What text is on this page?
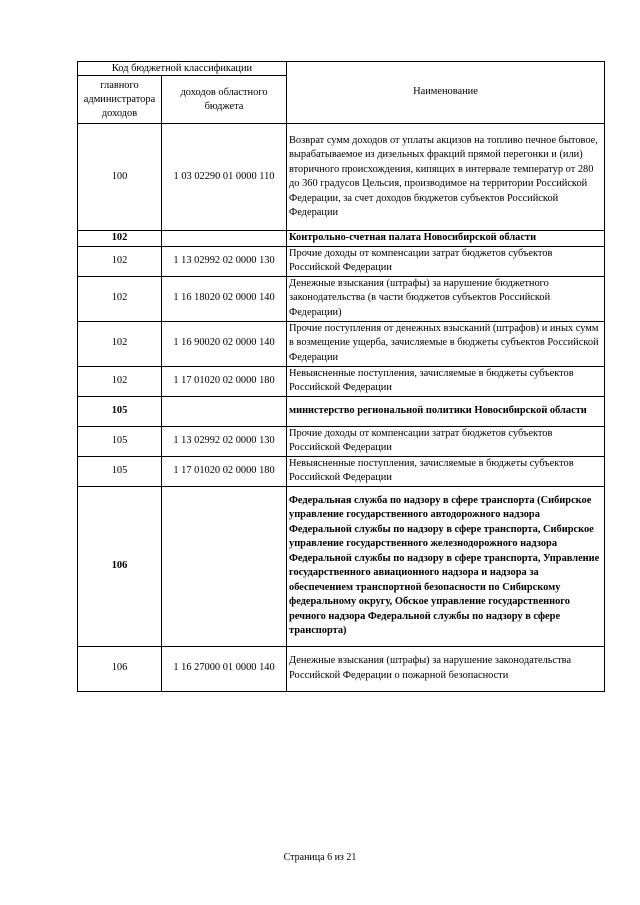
Код бюджетной классификации		Наименование
главного администратора доходов	доходов областного бюджета	
100	1 03 02290 01 0000 110	Возврат сумм доходов от уплаты акцизов на топливо печное бытовое, вырабатываемое из дизельных фракций прямой перегонки и (или) вторичного происхождения, кипящих в интервале температур от 280 до 360 градусов Цельсия, производимое на территории Российской Федерации, за счет доходов бюджетов субъектов Российской Федерации
102		Контрольно-счетная палата Новосибирской области
102	1 13 02992 02 0000 130	Прочие доходы от компенсации затрат бюджетов субъектов Российской Федерации
102	1 16 18020 02 0000 140	Денежные взыскания (штрафы) за нарушение бюджетного законодательства (в части бюджетов субъектов Российской Федерации)
102	1 16 90020 02 0000 140	Прочие поступления от денежных взысканий (штрафов) и иных сумм в возмещение ущерба, зачисляемые в бюджеты субъектов Российской Федерации
102	1 17 01020 02 0000 180	Невыясненные поступления, зачисляемые в бюджеты субъектов Российской Федерации
105		министерство региональной политики Новосибирской области
105	1 13 02992 02 0000 130	Прочие доходы от компенсации затрат бюджетов субъектов Российской Федерации
105	1 17 01020 02 0000 180	Невыясненные поступления, зачисляемые в бюджеты субъектов Российской Федерации
106		Федеральная служба по надзору в сфере транспорта (Сибирское управление государственного автодорожного надзора Федеральной службы по надзору в сфере транспорта, Сибирское управление государственного железнодорожного надзора Федеральной службы по надзору в сфере транспорта, Управление государственного авиационного надзора и надзора за обеспечением транспортной безопасности по Сибирскому федеральному округу, Обское управление государственного речного надзора Федеральной службы по надзору в сфере транспорта)
106	1 16 27000 01 0000 140	Денежные взыскания (штрафы) за нарушение законодательства Российской Федерации о пожарной безопасности
Страница 6 из 21
